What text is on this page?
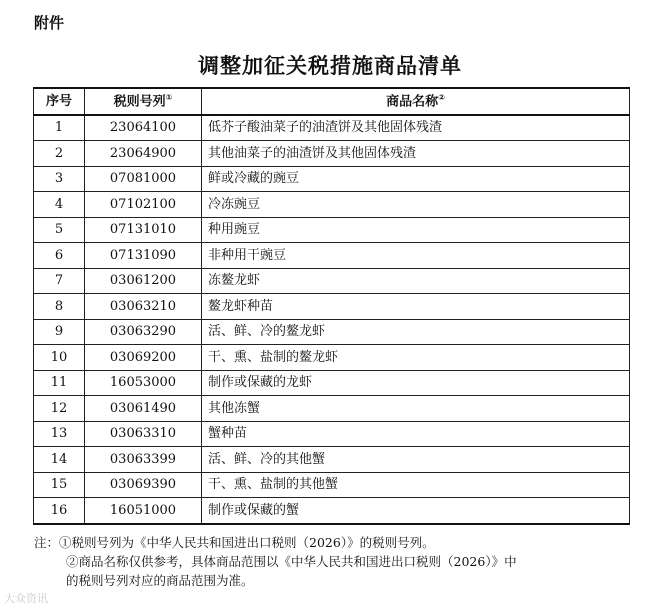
附件
调整加征关税措施商品清单
序号	税则号列①	商品名称②
1	23064100	低芥子酸油菜子的油渣饼及其他固体残渣
2	23064900	其他油菜子的油渣饼及其他固体残渣
3	07081000	鲜或冷藏的豌豆
4	07102100	冷冻豌豆
5	07131010	种用豌豆
6	07131090	非种用干豌豆
7	03061200	冻鳌龙虾
8	03063210	鳌龙虾种苗
9	03063290	活、鲜、冷的鳌龙虾
10	03069200	干、熏、盐制的鳌龙虾
11	16053000	制作或保藏的龙虾
12	03061490	其他冻蟹
13	03063310	蟹种苗
14	03063399	活、鲜、冷的其他蟹
15	03069390	干、熏、盐制的其他蟹
16	16051000	制作或保藏的蟹
注：①税则号列为《中华人民共和国进出口税则（2026）》的税则号列。
②商品名称仅供参考，具体商品范围以《中华人民共和国进出口税则（2026）》中
的税则号列对应的商品范围为准。
大众资讯
